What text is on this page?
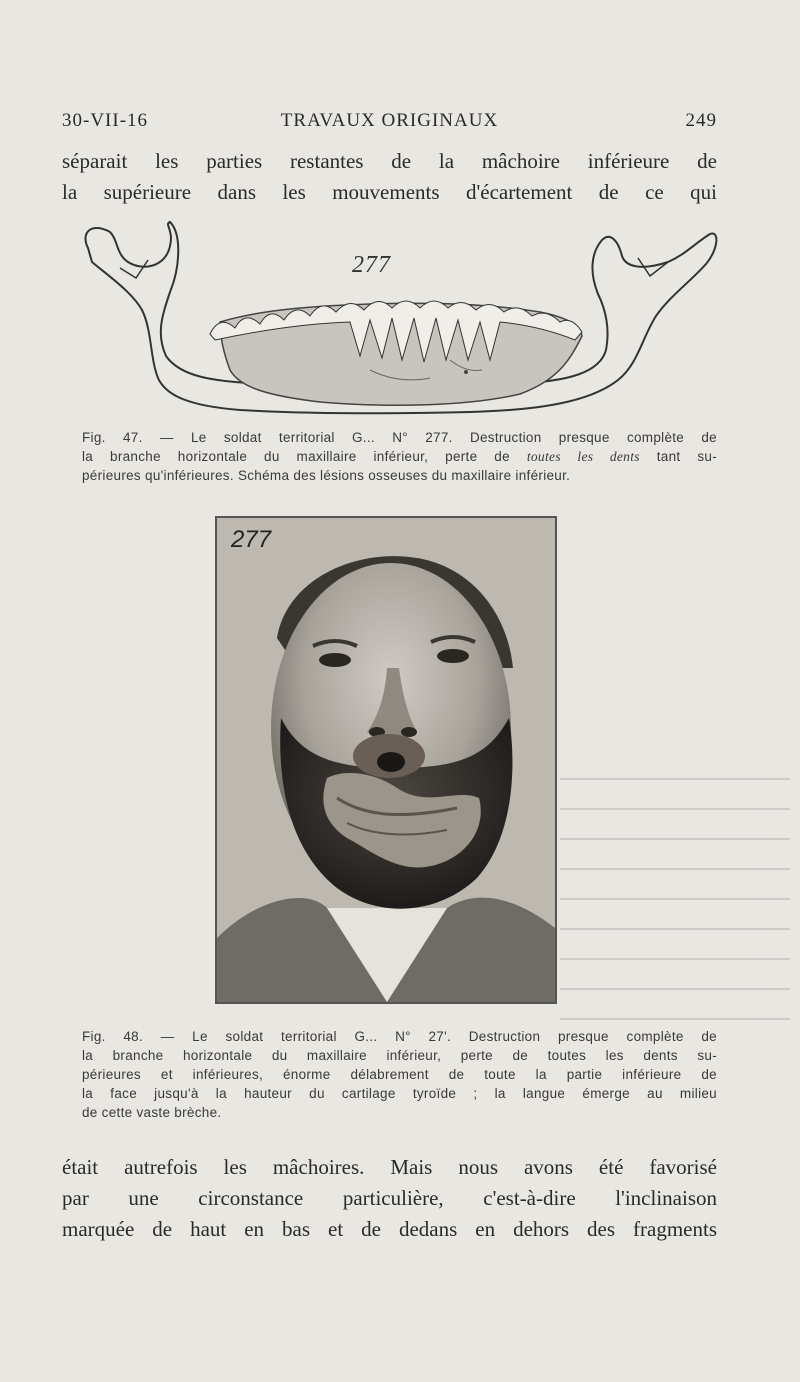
30-VII-16	TRAVAUX ORIGINAUX	249
séparait les parties restantes de la mâchoire inférieure de
la supérieure dans les mouvements d'écartement de ce qui
277
Fig. 47. — Le soldat territorial G... N° 277. Destruction presque complète de
la branche horizontale du maxillaire inférieur, perte de toutes les dents tant su-
périeures qu'inférieures. Schéma des lésions osseuses du maxillaire inférieur.
277
Fig. 48. — Le soldat territorial G... N° 27'. Destruction presque complète de
la branche horizontale du maxillaire inférieur, perte de toutes les dents su-
périeures et inférieures, énorme délabrement de toute la partie inférieure de
la face jusqu'à la hauteur du cartilage tyroïde ; la langue émerge au milieu
de cette vaste brèche.
était autrefois les mâchoires. Mais nous avons été favorisé
par une circonstance particulière, c'est-à-dire l'inclinaison
marquée de haut en bas et de dedans en dehors des fragments
